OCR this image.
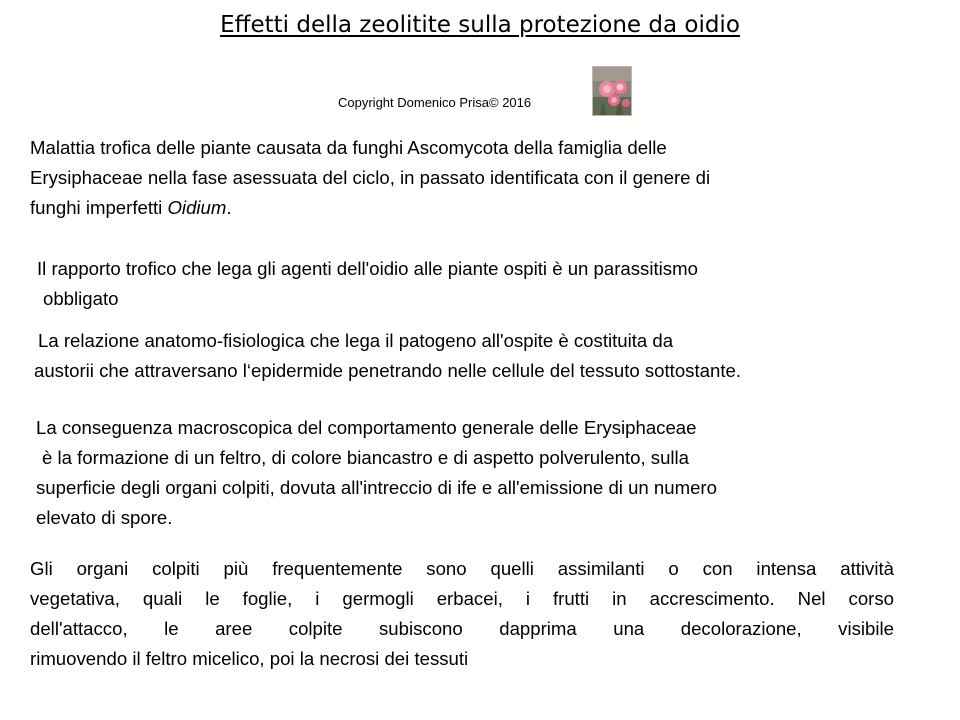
Effetti della zeolitite sulla protezione da oidio
Copyright Domenico Prisa© 2016

Malattia trofica delle piante causata da funghi Ascomycota della famiglia delle
Erysiphaceae nella fase asessuata del ciclo, in passato identificata con il genere di
funghi imperfetti Oidium.

Il rapporto trofico che lega gli agenti dell'oidio alle piante ospiti è un parassitismo
obbligato

La relazione anatomo-fisiologica che lega il patogeno all'ospite è costituita da
austorii che attraversano l‘epidermide penetrando nelle cellule del tessuto sottostante.

La conseguenza macroscopica del comportamento generale delle Erysiphaceae
è la formazione di un feltro, di colore biancastro e di aspetto polverulento, sulla
superficie degli organi colpiti, dovuta all'intreccio di ife e all'emissione di un numero
elevato di spore.

Gli organi colpiti più frequentemente sono quelli assimilanti o con intensa attività
vegetativa, quali le foglie, i germogli erbacei, i frutti in accrescimento. Nel corso
dell'attacco, le aree colpite subiscono dapprima una decolorazione, visibile
rimuovendo il feltro micelico, poi la necrosi dei tessuti
